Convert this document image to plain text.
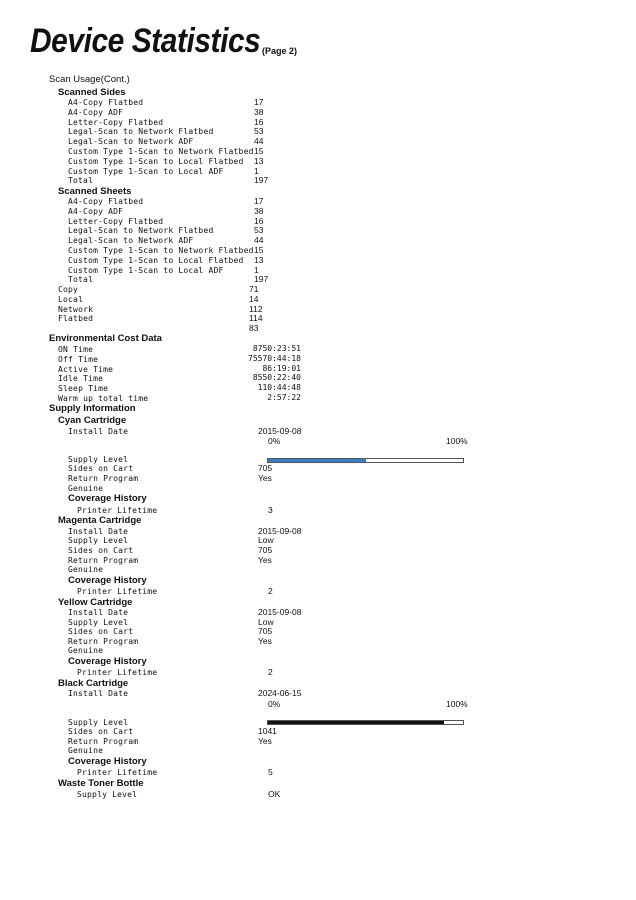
Device Statistics (Page 2)
Scan Usage(Cont.)
Scanned Sides
A4-Copy Flatbed	17
A4-Copy ADF	38
Letter-Copy Flatbed	16
Legal-Scan to Network Flatbed	53
Legal-Scan to Network ADF	44
Custom Type 1-Scan to Network Flatbed 15
Custom Type 1-Scan to Local Flatbed 13
Custom Type 1-Scan to Local ADF	1
Total	197
Scanned Sheets
A4-Copy Flatbed	17
A4-Copy ADF	38
Letter-Copy Flatbed	16
Legal-Scan to Network Flatbed	53
Legal-Scan to Network ADF	44
Custom Type 1-Scan to Network Flatbed 15
Custom Type 1-Scan to Local Flatbed 13
Custom Type 1-Scan to Local ADF	1
Total	197
Copy	71
Local	14
Network	112
Flatbed	114
83
Environmental Cost Data
ON Time	8750:23:51
Off Time	75570:44:18
Active Time	86:19:01
Idle Time	8550:22:40
Sleep Time	110:44:48
Warm up total time	2:57:22
Supply Information
Cyan Cartridge
Install Date	2015-09-08
0%	100%
Supply Level
Sides on Cart	705
Return Program	Yes
Genuine
Coverage History
Printer Lifetime	3
Magenta Cartridge
Install Date	2015-09-08
Supply Level	Low
Sides on Cart	705
Return Program	Yes
Genuine
Coverage History
Printer Lifetime	2
Yellow Cartridge
Install Date	2015-09-08
Supply Level	Low
Sides on Cart	705
Return Program	Yes
Genuine
Coverage History
Printer Lifetime	2
Black Cartridge
Install Date	2024-06-15
0%	100%
Supply Level
Sides on Cart	1041
Return Program	Yes
Genuine
Coverage History
Printer Lifetime	5
Waste Toner Bottle
Supply Level	OK
